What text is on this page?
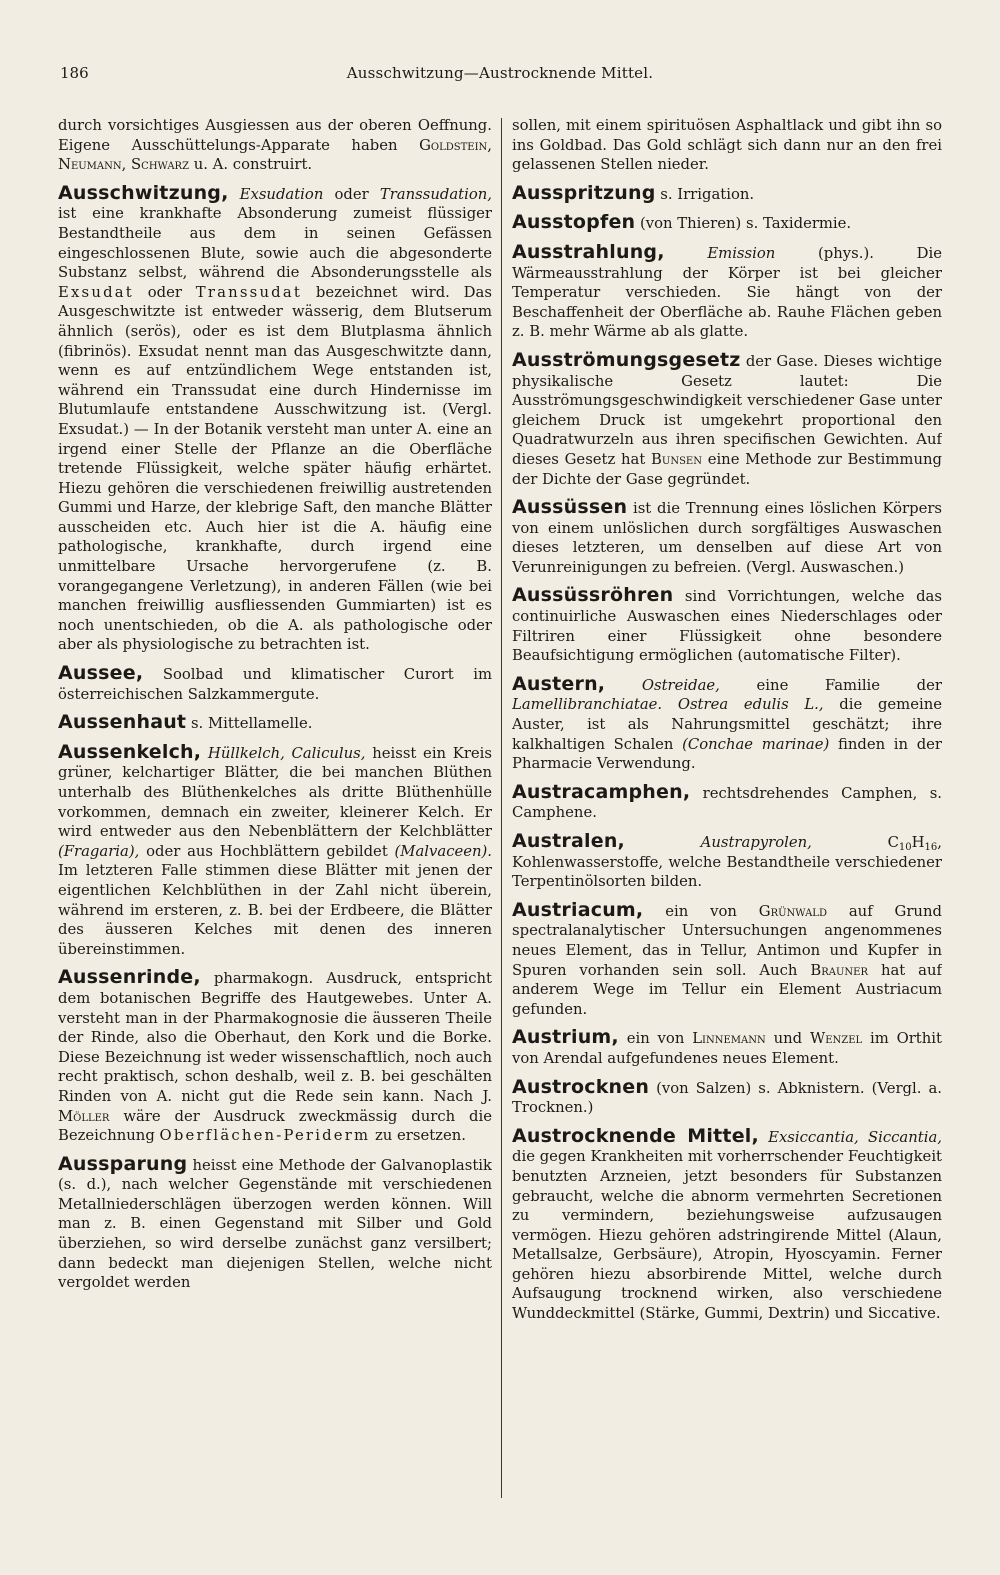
186	Ausschwitzung—Austrocknende Mittel.

durch vorsichtiges Ausgiessen aus der oberen Oeffnung. Eigene Ausschüttelungs-Apparate haben Goldstein, Neumann, Schwarz u. A. construirt.

Ausschwitzung, Exsudation oder Transsudation, ist eine krankhafte Absonderung zumeist flüssiger Bestandtheile aus dem in seinen Gefässen eingeschlossenen Blute, sowie auch die abgesonderte Substanz selbst, während die Absonderungsstelle als Exsudat oder Transsudat bezeichnet wird. Das Ausgeschwitzte ist entweder wässerig, dem Blutserum ähnlich (serös), oder es ist dem Blutplasma ähnlich (fibrinös). Exsudat nennt man das Ausgeschwitzte dann, wenn es auf entzündlichem Wege entstanden ist, während ein Transsudat eine durch Hindernisse im Blutumlaufe entstandene Ausschwitzung ist. (Vergl. Exsudat.) — In der Botanik versteht man unter A. eine an irgend einer Stelle der Pflanze an die Oberfläche tretende Flüssigkeit, welche später häufig erhärtet. Hiezu gehören die verschiedenen freiwillig austretenden Gummi und Harze, der klebrige Saft, den manche Blätter ausscheiden etc. Auch hier ist die A. häufig eine pathologische, krankhafte, durch irgend eine unmittelbare Ursache hervorgerufene (z. B. vorangegangene Verletzung), in anderen Fällen (wie bei manchen freiwillig ausfliessenden Gummiarten) ist es noch unentschieden, ob die A. als pathologische oder aber als physiologische zu betrachten ist.

Aussee, Soolbad und klimatischer Curort im österreichischen Salzkammergute.

Aussenhaut s. Mittellamelle.

Aussenkelch, Hüllkelch, Caliculus, heisst ein Kreis grüner, kelchartiger Blätter, die bei manchen Blüthen unterhalb des Blüthenkelches als dritte Blüthenhülle vorkommen, demnach ein zweiter, kleinerer Kelch. Er wird entweder aus den Nebenblättern der Kelchblätter (Fragaria), oder aus Hochblättern gebildet (Malvaceen). Im letzteren Falle stimmen diese Blätter mit jenen der eigentlichen Kelchblüthen in der Zahl nicht überein, während im ersteren, z. B. bei der Erdbeere, die Blätter des äusseren Kelches mit denen des inneren übereinstimmen.

Aussenrinde, pharmakogn. Ausdruck, entspricht dem botanischen Begriffe des Hautgewebes. Unter A. versteht man in der Pharmakognosie die äusseren Theile der Rinde, also die Oberhaut, den Kork und die Borke. Diese Bezeichnung ist weder wissenschaftlich, noch auch recht praktisch, schon deshalb, weil z. B. bei geschälten Rinden von A. nicht gut die Rede sein kann. Nach J. Möller wäre der Ausdruck zweckmässig durch die Bezeichnung Oberflächen-Periderm zu ersetzen.

Aussparung heisst eine Methode der Galvanoplastik (s. d.), nach welcher Gegenstände mit verschiedenen Metallniederschlägen überzogen werden können. Will man z. B. einen Gegenstand mit Silber und Gold überziehen, so wird derselbe zunächst ganz versilbert; dann bedeckt man diejenigen Stellen, welche nicht vergoldet werden

sollen, mit einem spirituösen Asphaltlack und gibt ihn so ins Goldbad. Das Gold schlägt sich dann nur an den frei gelassenen Stellen nieder.

Ausspritzung s. Irrigation.

Ausstopfen (von Thieren) s. Taxidermie.

Ausstrahlung,	Emission	(phys.). Die Wärmeausstrahlung der Körper ist bei gleicher Temperatur verschieden. Sie hängt von der Beschaffenheit der Oberfläche ab. Rauhe Flächen geben z. B. mehr Wärme ab als glatte.

Ausströmungsgesetz der Gase. Dieses wichtige physikalische Gesetz lautet: Die Ausströmungsgeschwindigkeit verschiedener Gase unter gleichem Druck ist umgekehrt proportional den Quadratwurzeln aus ihren specifischen Gewichten. Auf dieses Gesetz hat Bunsen eine Methode zur Bestimmung der Dichte der Gase gegründet.

Aussüssen ist die Trennung eines löslichen Körpers von einem unlöslichen durch sorgfältiges Auswaschen dieses letzteren, um denselben auf diese Art von Verunreinigungen zu befreien. (Vergl. Auswaschen.)

Aussüssröhren sind Vorrichtungen, welche das continuirliche Auswaschen eines Niederschlages oder Filtriren einer Flüssigkeit ohne besondere Beaufsichtigung ermöglichen (automatische Filter).

Austern, Ostreidae, eine Familie der Lamellibranchiatae. Ostrea edulis L., die gemeine Auster, ist als Nahrungsmittel geschätzt; ihre kalkhaltigen Schalen (Conchae marinae) finden in der Pharmacie Verwendung.

Austracamphen, rechtsdrehendes Camphen, s. Camphene.

Australen,	Austrapyrolen,	$C_{10}H_{16}$, Kohlenwasserstoffe, welche Bestandtheile verschiedener Terpentinölsorten bilden.

Austriacum, ein von Grünwald auf Grund spectralanalytischer Untersuchungen angenommenes neues Element, das in Tellur, Antimon und Kupfer in Spuren vorhanden sein soll. Auch Brauner hat auf anderem Wege im Tellur ein Element Austriacum gefunden.

Austrium, ein von Linnemann und Wenzel im Orthit von Arendal aufgefundenes neues Element.

Austrocknen (von Salzen) s. Abknistern. (Vergl. a. Trocknen.)

Austrocknende Mittel, Exsiccantia, Siccantia, die gegen Krankheiten mit vorherrschender Feuchtigkeit benutzten Arzneien, jetzt besonders für Substanzen gebraucht, welche die abnorm vermehrten Secretionen zu vermindern, beziehungsweise aufzusaugen vermögen. Hiezu gehören adstringirende Mittel (Alaun, Metallsalze, Gerbsäure), Atropin, Hyoscyamin. Ferner gehören hiezu absorbirende Mittel, welche durch Aufsaugung trocknend wirken, also verschiedene Wunddeckmittel (Stärke, Gummi, Dextrin) und Siccative.
